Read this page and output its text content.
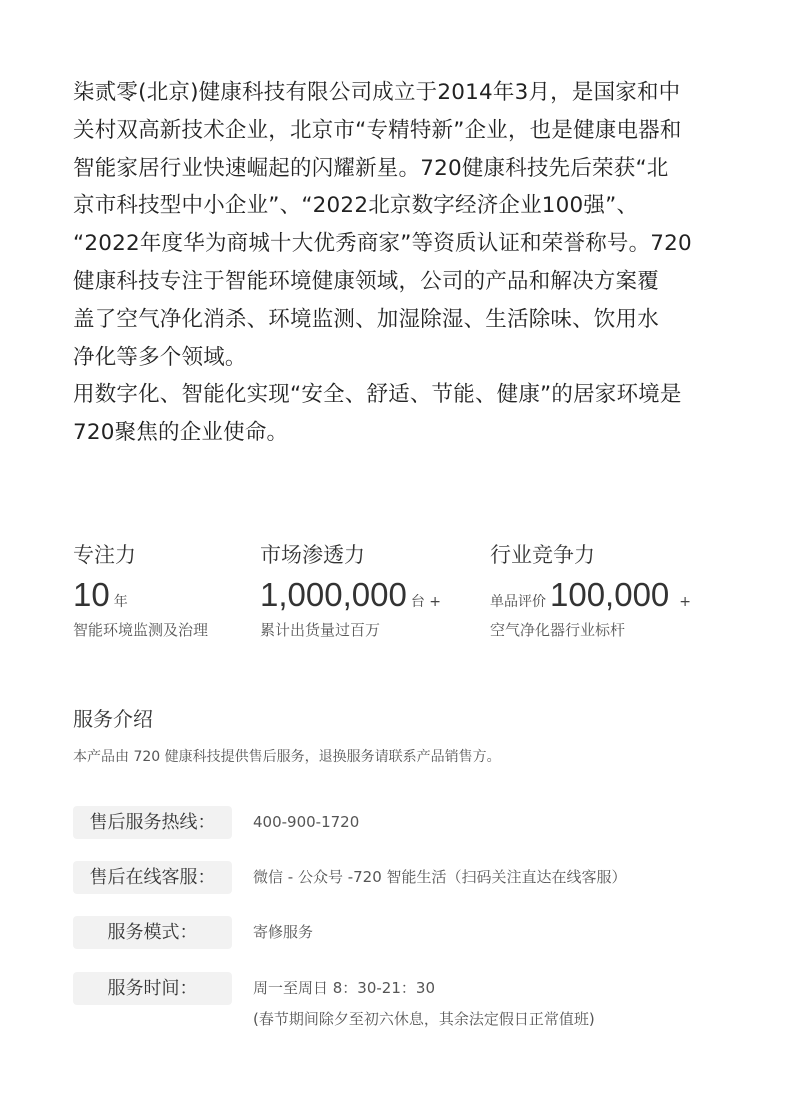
柒贰零(北京)健康科技有限公司成立于2014年3月，是国家和中
关村双高新技术企业，北京市“专精特新”企业，也是健康电器和
智能家居行业快速崛起的闪耀新星。720健康科技先后荣获“北
京市科技型中小企业”、“2022北京数字经济企业100强”、
“2022年度华为商城十大优秀商家”等资质认证和荣誉称号。720
健康科技专注于智能环境健康领域，公司的产品和解决方案覆
盖了空气净化消杀、环境监测、加湿除湿、生活除味、饮用水
净化等多个领域。
用数字化、智能化实现“安全、舒适、节能、健康”的居家环境是
720聚焦的企业使命。
专注力
10 年
智能环境监测及治理
市场渗透力
1,000,000 台 +
累计出货量过百万
行业竞争力
单品评价 100,000 +
空气净化器行业标杆
服务介绍
本产品由 720 健康科技提供售后服务，退换服务请联系产品销售方。
售后服务热线：	400-900-1720
售后在线客服：	微信 - 公众号 -720 智能生活（扫码关注直达在线客服）
服务模式：	寄修服务
服务时间：	周一至周日 8：30-21：30
(春节期间除夕至初六休息，其余法定假日正常值班)
